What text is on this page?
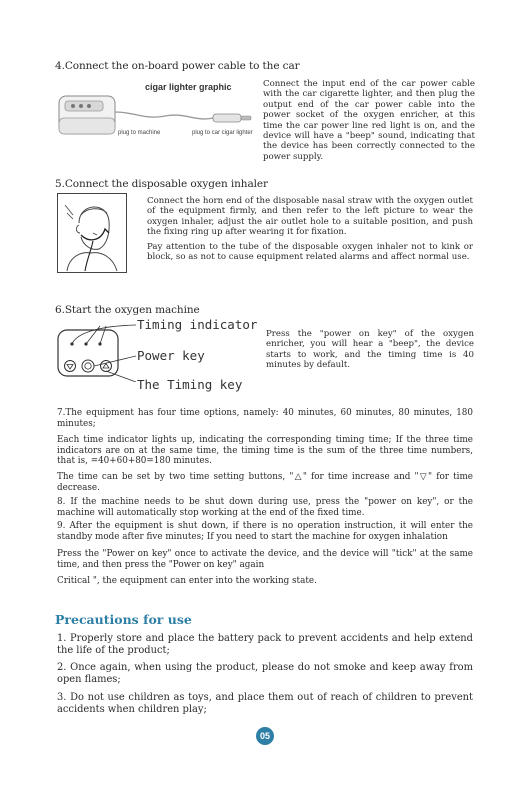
4.Connect the on-board power cable to the car
cigar lighter graphic
plug to machine	plug to car cigar lighter
Connect the input end of the car power cable with the car cigarette lighter, and then plug the output end of the car power cable into the power socket of the oxygen enricher, at this time the car power line red light is on, and the device will have a "beep" sound, indicating that the device has been correctly connected to the power supply.
5.Connect the disposable oxygen inhaler
Connect the horn end of the disposable nasal straw with the oxygen outlet of the equipment firmly, and then refer to the left picture to wear the oxygen inhaler, adjust the air outlet hole to a suitable position, and push the fixing ring up after wearing it for fixation.
Pay attention to the tube of the disposable oxygen inhaler not to kink or block, so as not to cause equipment related alarms and affect normal use.
6.Start the oxygen machine
Timing indicator
Power key
The Timing key
Press the "power on key" of the oxygen enricher, you will hear a "beep", the device starts to work, and the timing time is 40 minutes by default.
7.The equipment has four time options, namely: 40 minutes, 60 minutes, 80 minutes, 180 minutes;
Each time indicator lights up, indicating the corresponding timing time; If the three time indicators are on at the same time, the timing time is the sum of the three time numbers, that is, =40+60+80=180 minutes.
The time can be set by two time setting buttons, "△" for time increase and "▽" for time decrease.
8. If the machine needs to be shut down during use, press the "power on key", or the machine will automatically stop working at the end of the fixed time.
9. After the equipment is shut down, if there is no operation instruction, it will enter the standby mode after five minutes; If you need to start the machine for oxygen inhalation
Press the "Power on key" once to activate the device, and the device will "tick" at the same time, and then press the "Power on key" again
Critical ", the equipment can enter into the working state.
Precautions for use
1. Properly store and place the battery pack to prevent accidents and help extend the life of the product;
2. Once again, when using the product, please do not smoke and keep away from open flames;
3. Do not use children as toys, and place them out of reach of children to prevent accidents when children play;
05
